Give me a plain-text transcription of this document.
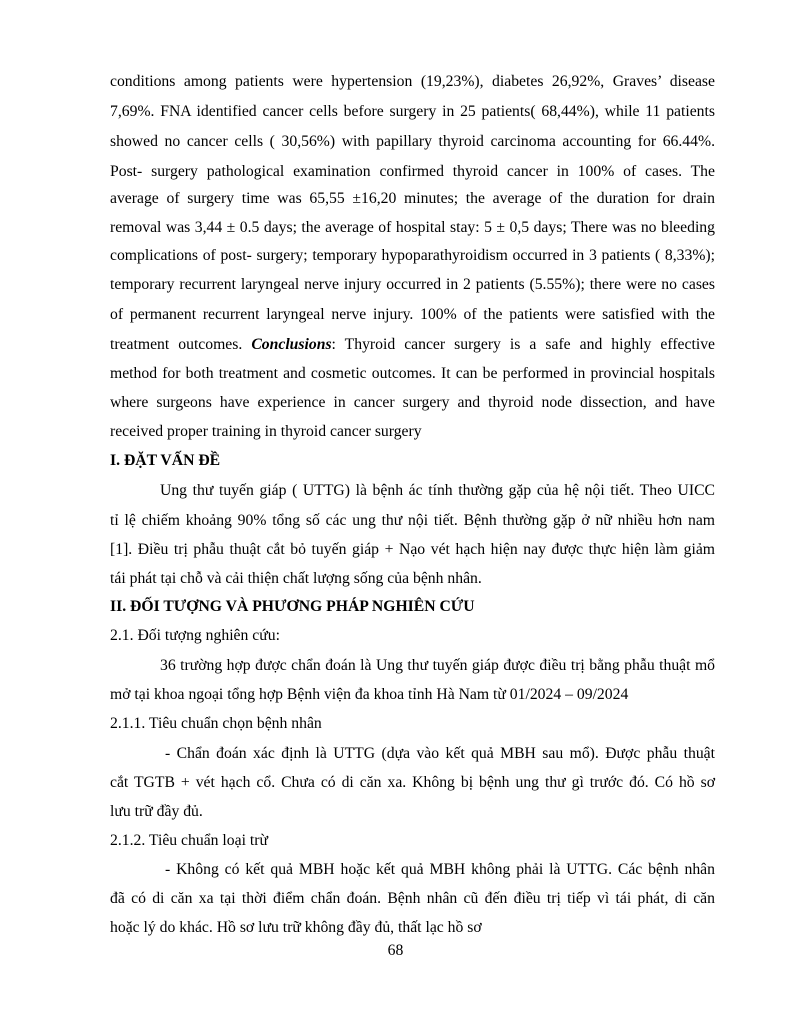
conditions among patients were hypertension (19,23%), diabetes 26,92%, Graves’ disease
7,69%. FNA identified cancer cells before surgery in 25 patients( 68,44%), while 11 patients
showed no cancer cells ( 30,56%) with papillary thyroid carcinoma accounting for 66.44%.
Post- surgery pathological examination confirmed thyroid cancer in 100% of cases. The
average of surgery time was 65,55 ±16,20 minutes; the average of the duration for drain
removal was 3,44 ± 0.5 days; the average of hospital stay: 5 ± 0,5 days; There was no bleeding
complications of post- surgery; temporary hypoparathyroidism occurred in 3 patients ( 8,33%);
temporary recurrent laryngeal nerve injury occurred in 2 patients (5.55%); there were no cases
of permanent recurrent laryngeal nerve injury. 100% of the patients were satisfied with the
treatment outcomes. Conclusions: Thyroid cancer surgery is a safe and highly effective
method for both treatment and cosmetic outcomes. It can be performed in provincial hospitals
where surgeons have experience in cancer surgery and thyroid node dissection, and have
received proper training in thyroid cancer surgery
I. ĐẶT VẤN ĐỀ
Ung thư tuyến giáp ( UTTG) là bệnh ác tính thường gặp của hệ nội tiết. Theo UICC
tỉ lệ chiếm khoảng 90% tổng số các ung thư nội tiết. Bệnh thường gặp ở nữ nhiều hơn nam
[1]. Điều trị phẫu thuật cắt bỏ tuyến giáp + Nạo vét hạch hiện nay được thực hiện làm giảm
tái phát tại chỗ và cải thiện chất lượng sống của bệnh nhân.
II. ĐỐI TƯỢNG VÀ PHƯƠNG PHÁP NGHIÊN CỨU
2.1. Đối tượng nghiên cứu:
36 trường hợp được chẩn đoán là Ung thư tuyến giáp được điều trị bằng phẫu thuật mổ
mở tại khoa ngoại tổng hợp Bệnh viện đa khoa tỉnh Hà Nam từ 01/2024 – 09/2024
2.1.1. Tiêu chuẩn chọn bệnh nhân
- Chẩn đoán xác định là UTTG (dựa vào kết quả MBH sau mổ). Được phẫu thuật
cắt TGTB + vét hạch cổ. Chưa có di căn xa. Không bị bệnh ung thư gì trước đó. Có hồ sơ
lưu trữ đầy đủ.
2.1.2. Tiêu chuẩn loại trừ
- Không có kết quả MBH hoặc kết quả MBH không phải là UTTG. Các bệnh nhân
đã có di căn xa tại thời điểm chẩn đoán. Bệnh nhân cũ đến điều trị tiếp vì tái phát, di căn
hoặc lý do khác. Hồ sơ lưu trữ không đầy đủ, thất lạc hồ sơ
68
